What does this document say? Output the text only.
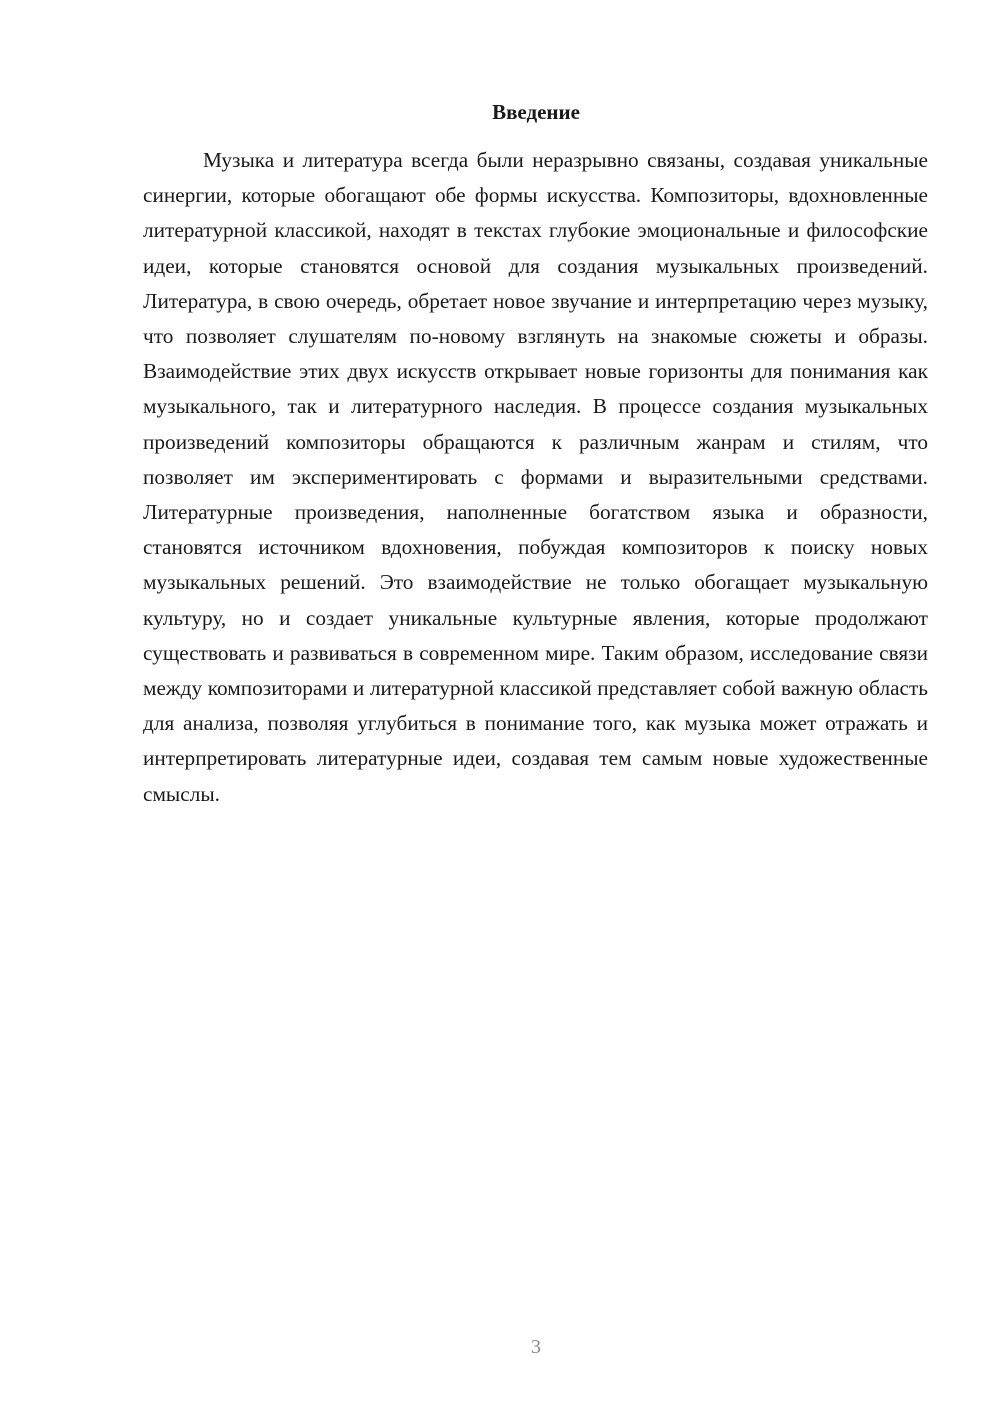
Введение

Музыка и литература всегда были неразрывно связаны, создавая уникальные синергии, которые обогащают обе формы искусства. Композиторы, вдохновленные литературной классикой, находят в текстах глубокие эмоциональные и философские идеи, которые становятся основой для создания музыкальных произведений. Литература, в свою очередь, обретает новое звучание и интерпретацию через музыку, что позволяет слушателям по-новому взглянуть на знакомые сюжеты и образы. Взаимодействие этих двух искусств открывает новые горизонты для понимания как музыкального, так и литературного наследия. В процессе создания музыкальных произведений композиторы обращаются к различным жанрам и стилям, что позволяет им экспериментировать с формами и выразительными средствами. Литературные произведения, наполненные богатством языка и образности, становятся источником вдохновения, побуждая композиторов к поиску новых музыкальных решений. Это взаимодействие не только обогащает музыкальную культуру, но и создает уникальные культурные явления, которые продолжают существовать и развиваться в современном мире. Таким образом, исследование связи между композиторами и литературной классикой представляет собой важную область для анализа, позволяя углубиться в понимание того, как музыка может отражать и интерпретировать литературные идеи, создавая тем самым новые художественные смыслы.

3
